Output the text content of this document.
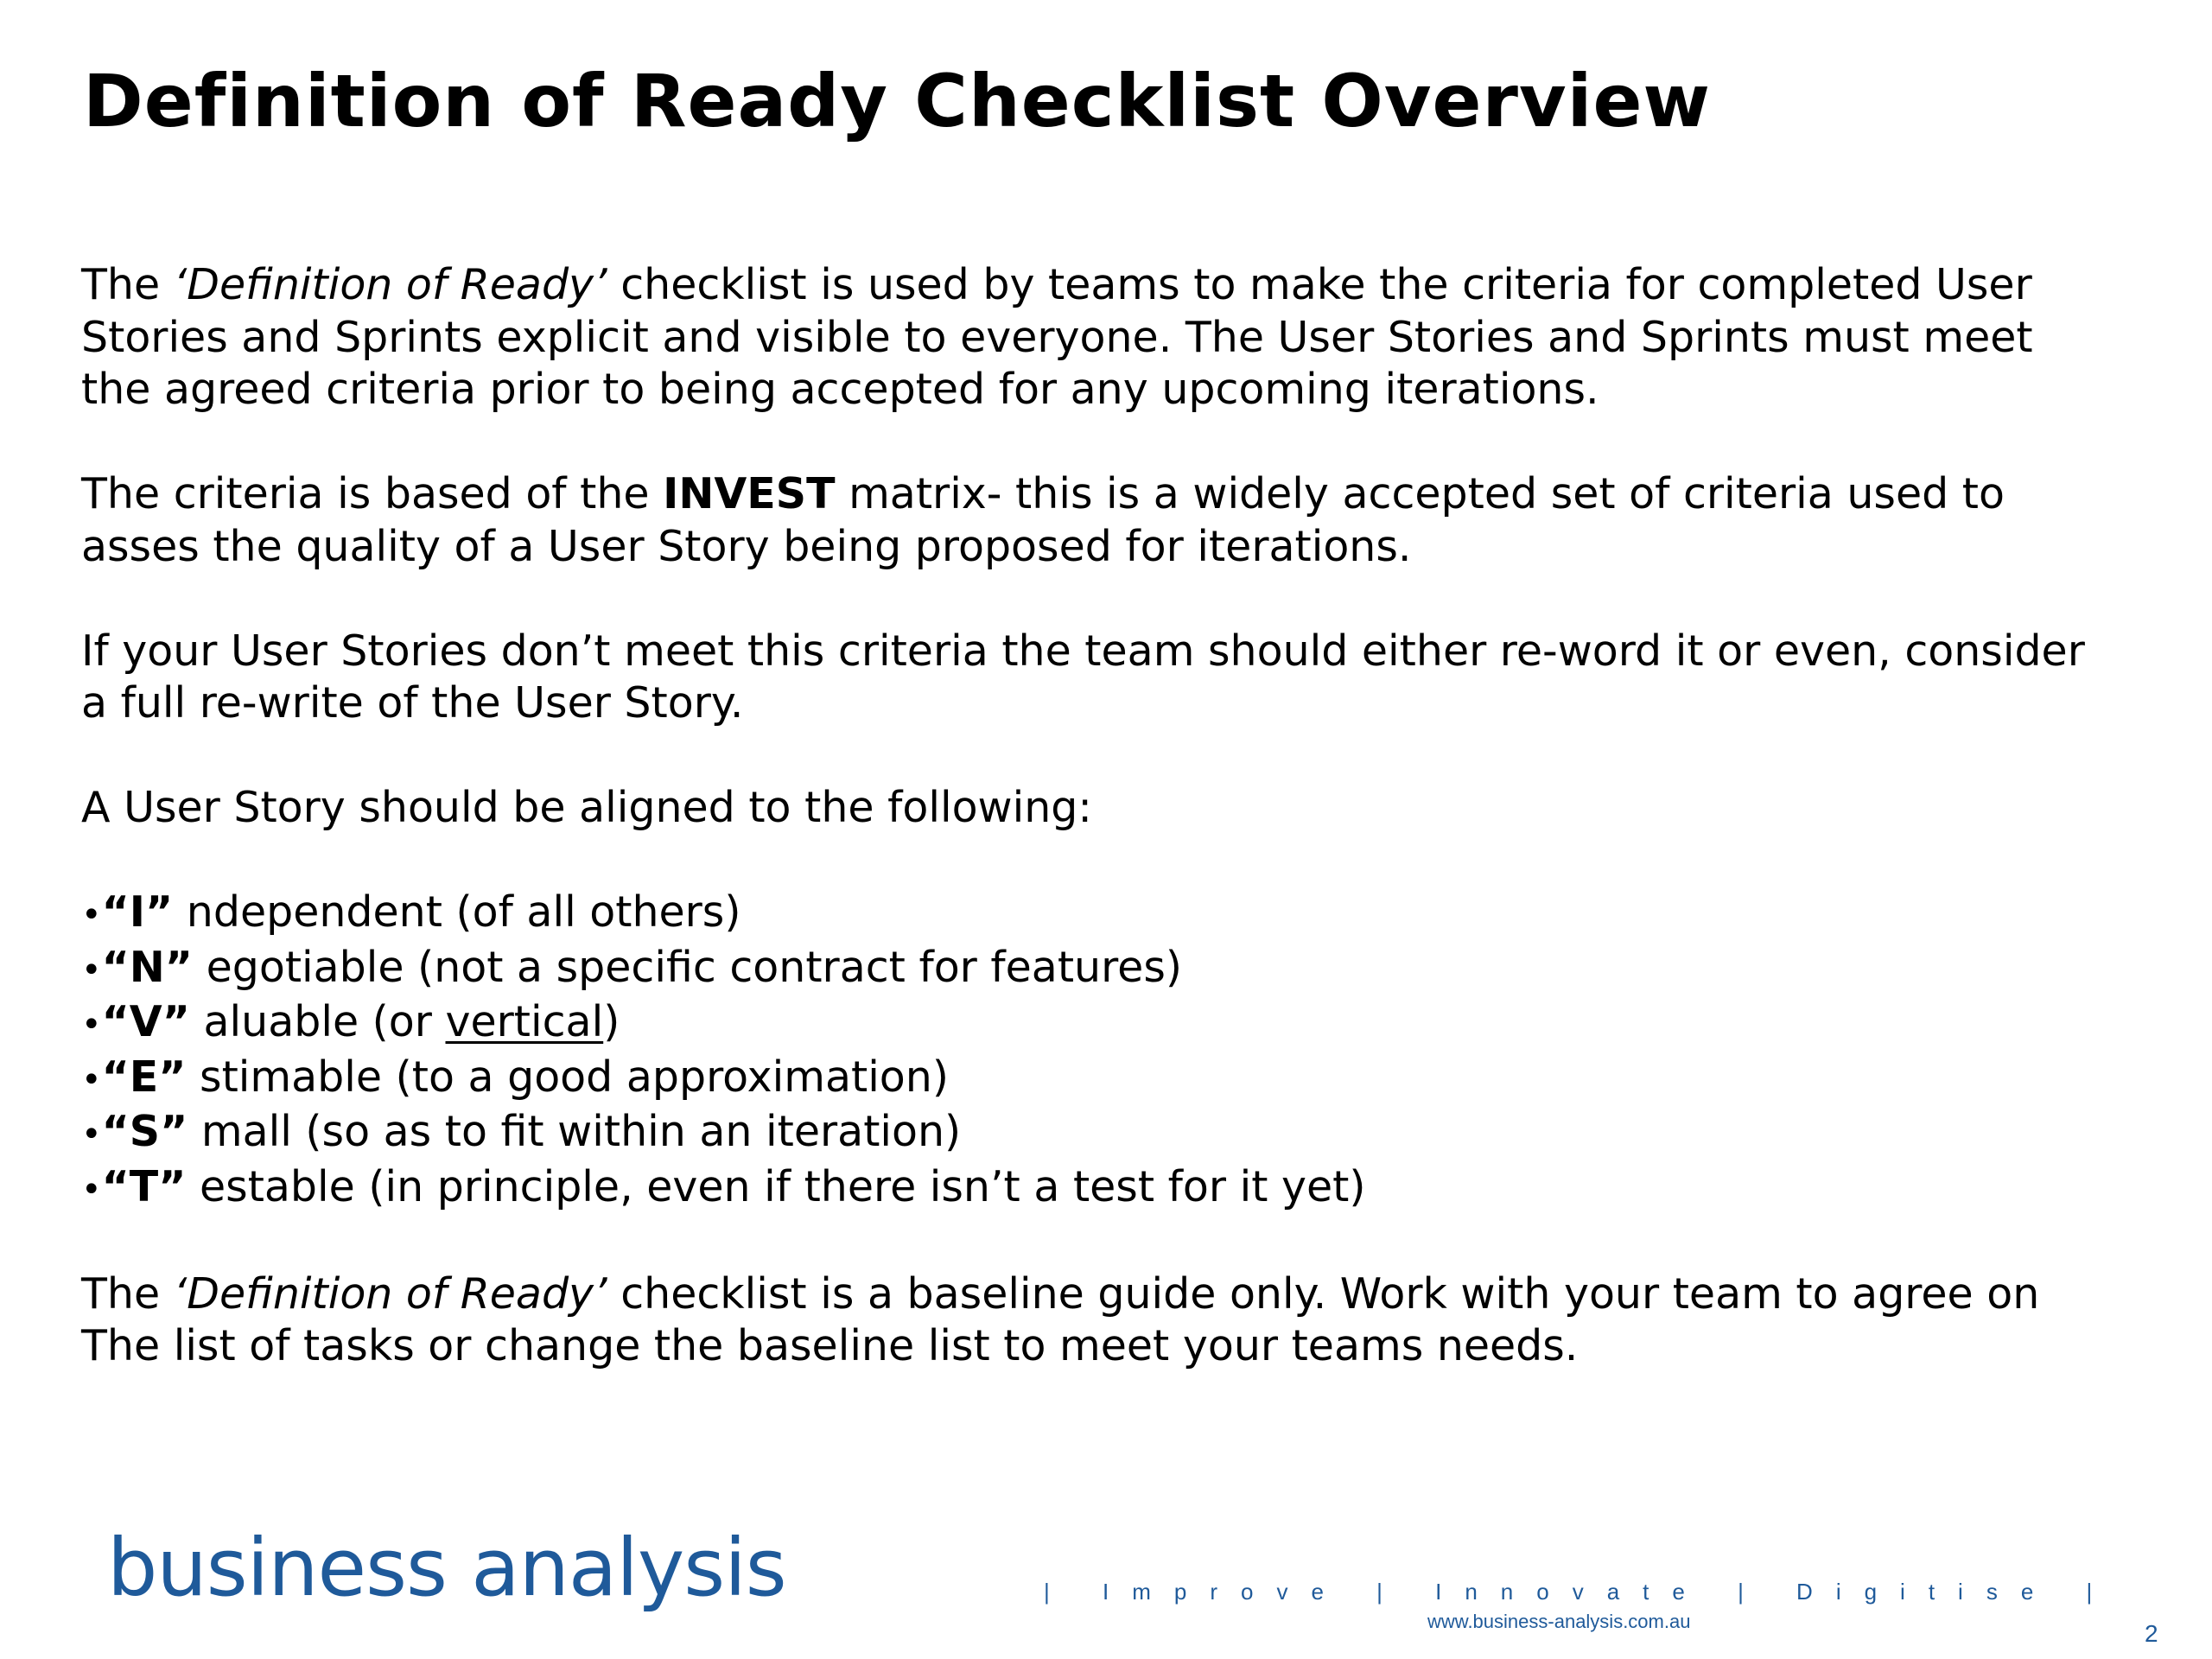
Definition of Ready Checklist Overview

The ‘Definition of Ready’ checklist is used by teams to make the criteria for completed User
Stories and Sprints explicit and visible to everyone. The User Stories and Sprints must meet
the agreed criteria prior to being accepted for any upcoming iterations.

The criteria is based of the INVEST matrix- this is a widely accepted set of criteria used to
asses the quality of a User Story being proposed for iterations.

If your User Stories don’t meet this criteria the team should either re-word it or even, consider
a full re-write of the User Story.

A User Story should be aligned to the following:

•“I” ndependent (of all others)
•“N” egotiable (not a specific contract for features)
•“V” aluable (or vertical)
•“E” stimable (to a good approximation)
•“S” mall (so as to fit within an iteration)
•“T” estable (in principle, even if there isn’t a test for it yet)

The ‘Definition of Ready’ checklist is a baseline guide only. Work with your team to agree on
The list of tasks or change the baseline list to meet your teams needs.

business analysis	| Improve | Innovate | Digitise |
www.business-analysis.com.au	2
